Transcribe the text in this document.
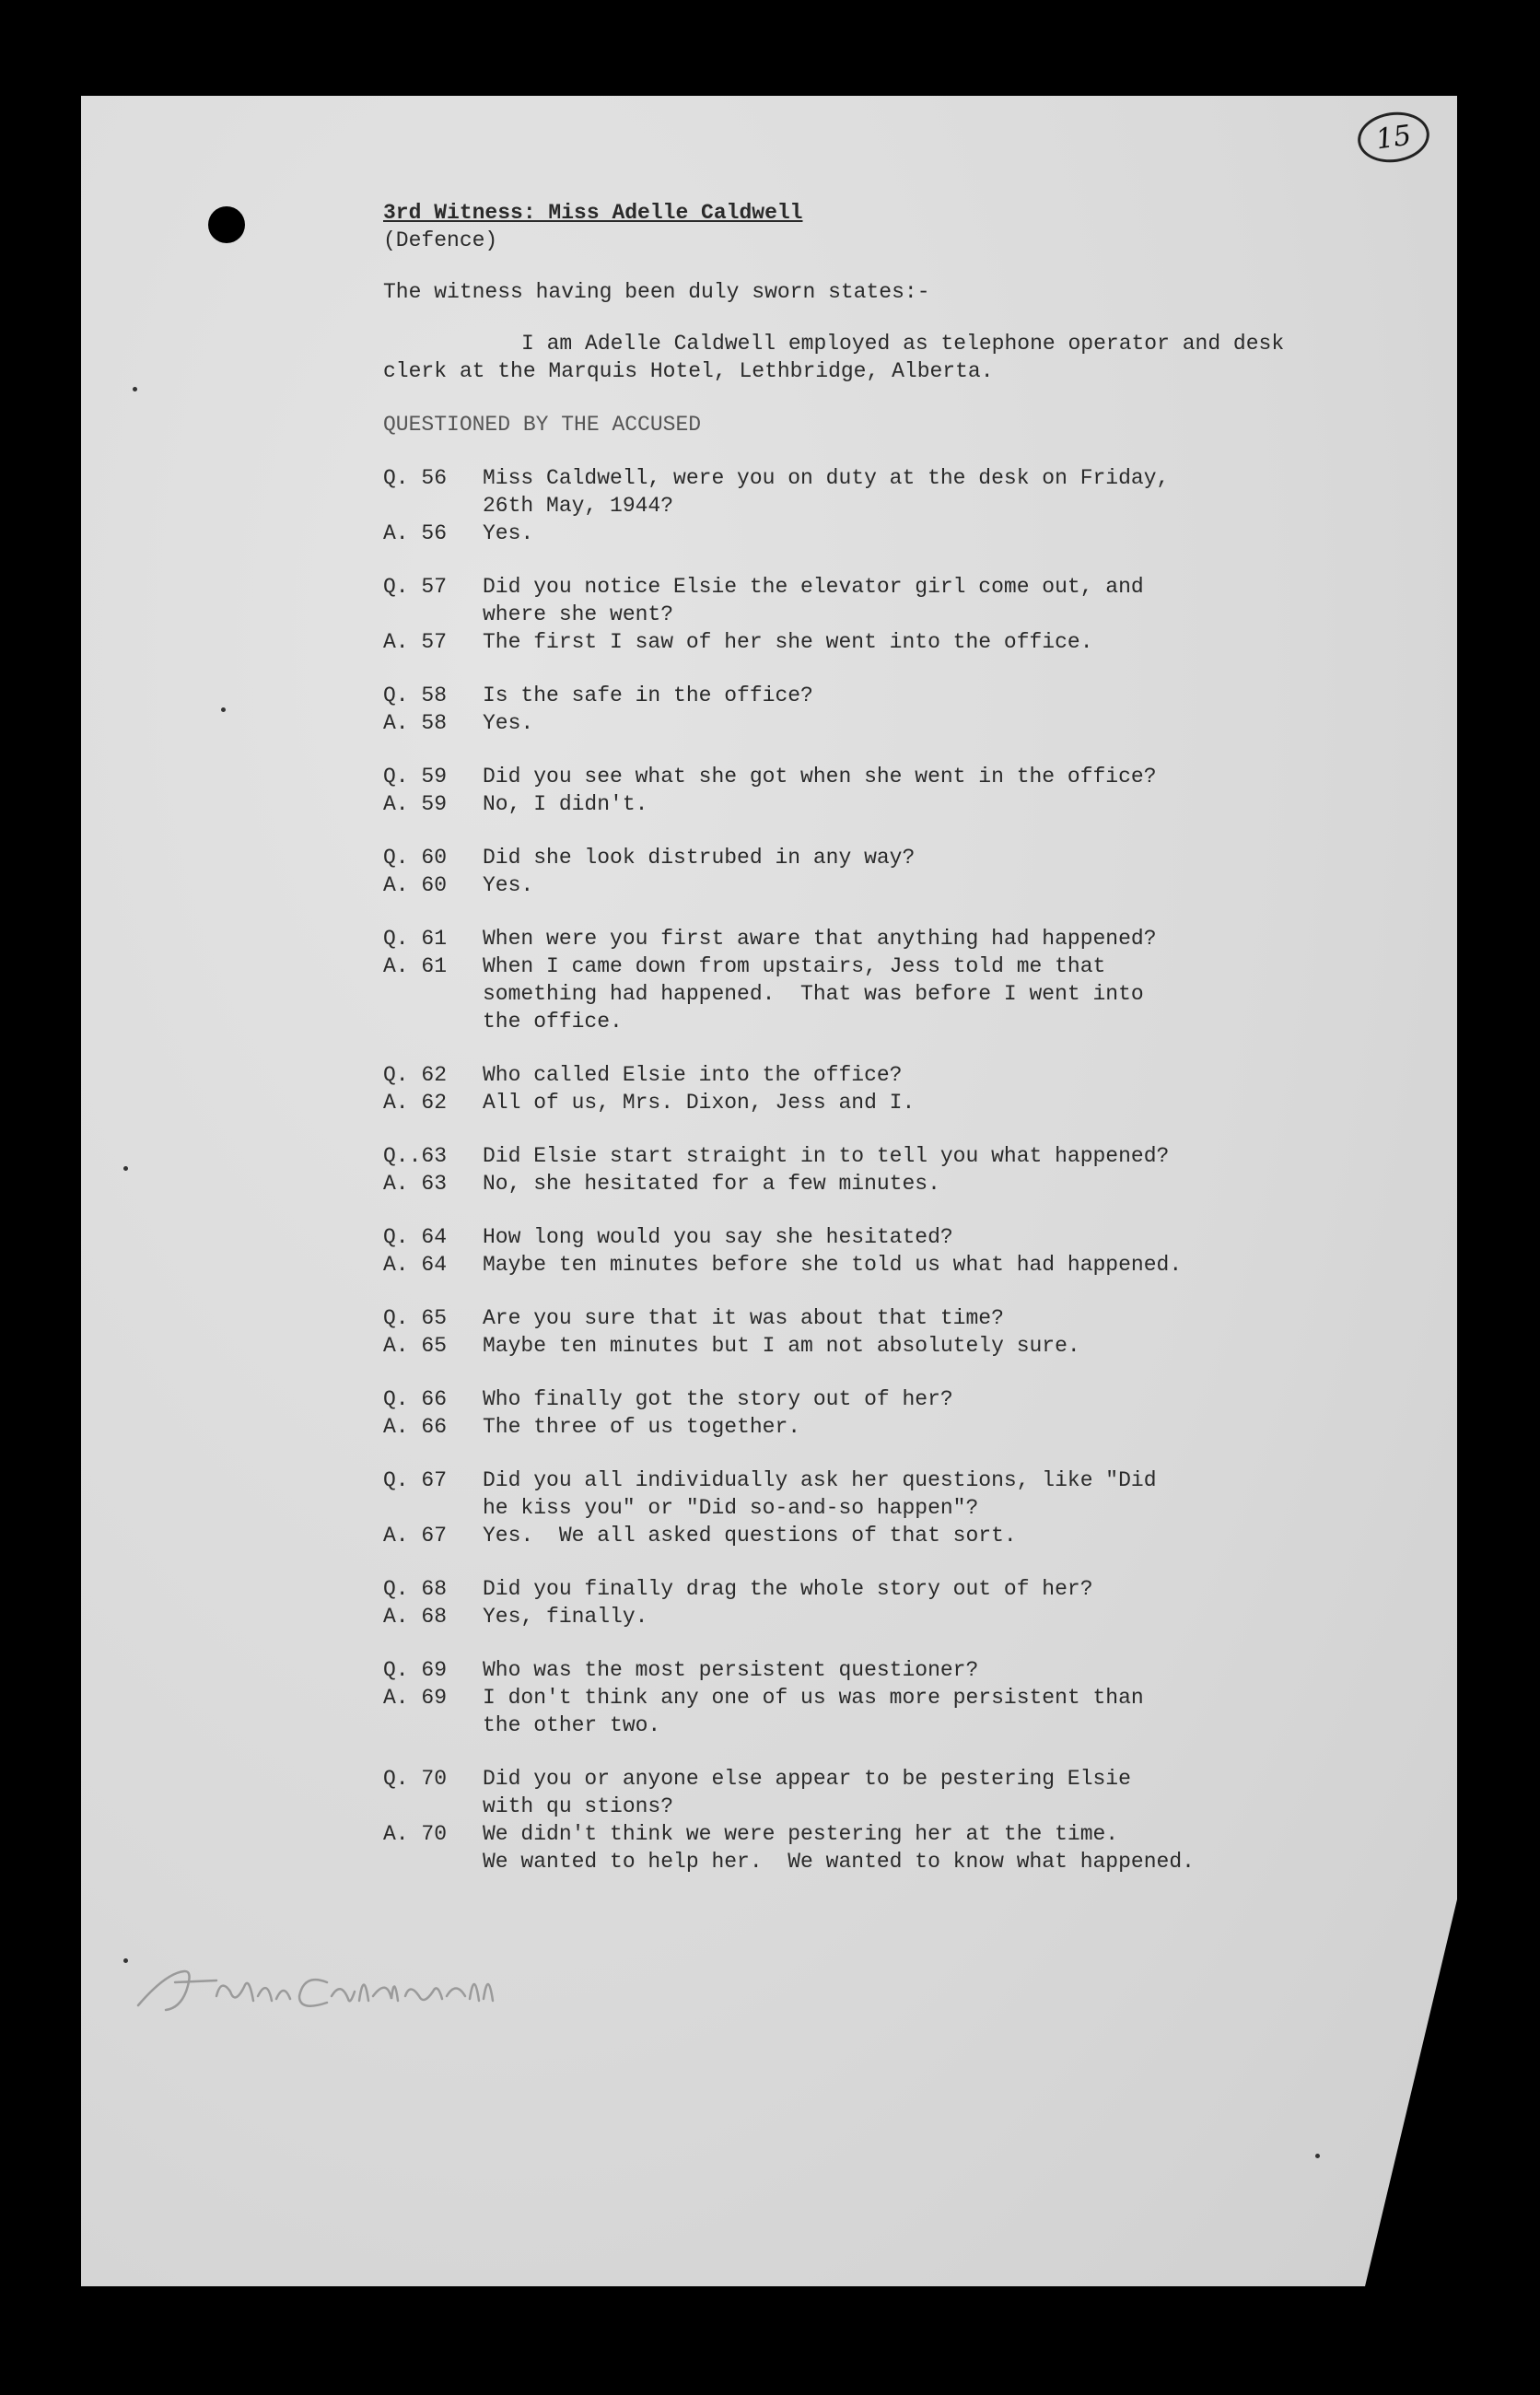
15
3rd Witness: Miss Adelle Caldwell
(Defence)
The witness having been duly sworn states:-
I am Adelle Caldwell employed as telephone operator and desk clerk at the Marquis Hotel, Lethbridge, Alberta.
QUESTIONED BY THE ACCUSED
Q. 56	Miss Caldwell, were you on duty at the desk on Friday,
26th May, 1944?
A. 56	Yes.
Q. 57	Did you notice Elsie the elevator girl come out, and
where she went?
A. 57	The first I saw of her she went into the office.
Q. 58	Is the safe in the office?
A. 58	Yes.
Q. 59	Did you see what she got when she went in the office?
A. 59	No, I didn't.
Q. 60	Did she look distrubed in any way?
A. 60	Yes.
Q. 61	When were you first aware that anything had happened?
A. 61	When I came down from upstairs, Jess told me that
something had happened.  That was before I went into
the office.
Q. 62	Who called Elsie into the office?
A. 62	All of us, Mrs. Dixon, Jess and I.
Q..63	Did Elsie start straight in to tell you what happened?
A. 63	No, she hesitated for a few minutes.
Q. 64	How long would you say she hesitated?
A. 64	Maybe ten minutes before she told us what had happened.
Q. 65	Are you sure that it was about that time?
A. 65	Maybe ten minutes but I am not absolutely sure.
Q. 66	Who finally got the story out of her?
A. 66	The three of us together.
Q. 67	Did you all individually ask her questions, like "Did
he kiss you" or "Did so-and-so happen"?
A. 67	Yes.  We all asked questions of that sort.
Q. 68	Did you finally drag the whole story out of her?
A. 68	Yes, finally.
Q. 69	Who was the most persistent questioner?
A. 69	I don't think any one of us was more persistent than
the other two.
Q. 70	Did you or anyone else appear to be pestering Elsie
with qu stions?
A. 70	We didn't think we were pestering her at the time.
We wanted to help her.  We wanted to know what happened.
